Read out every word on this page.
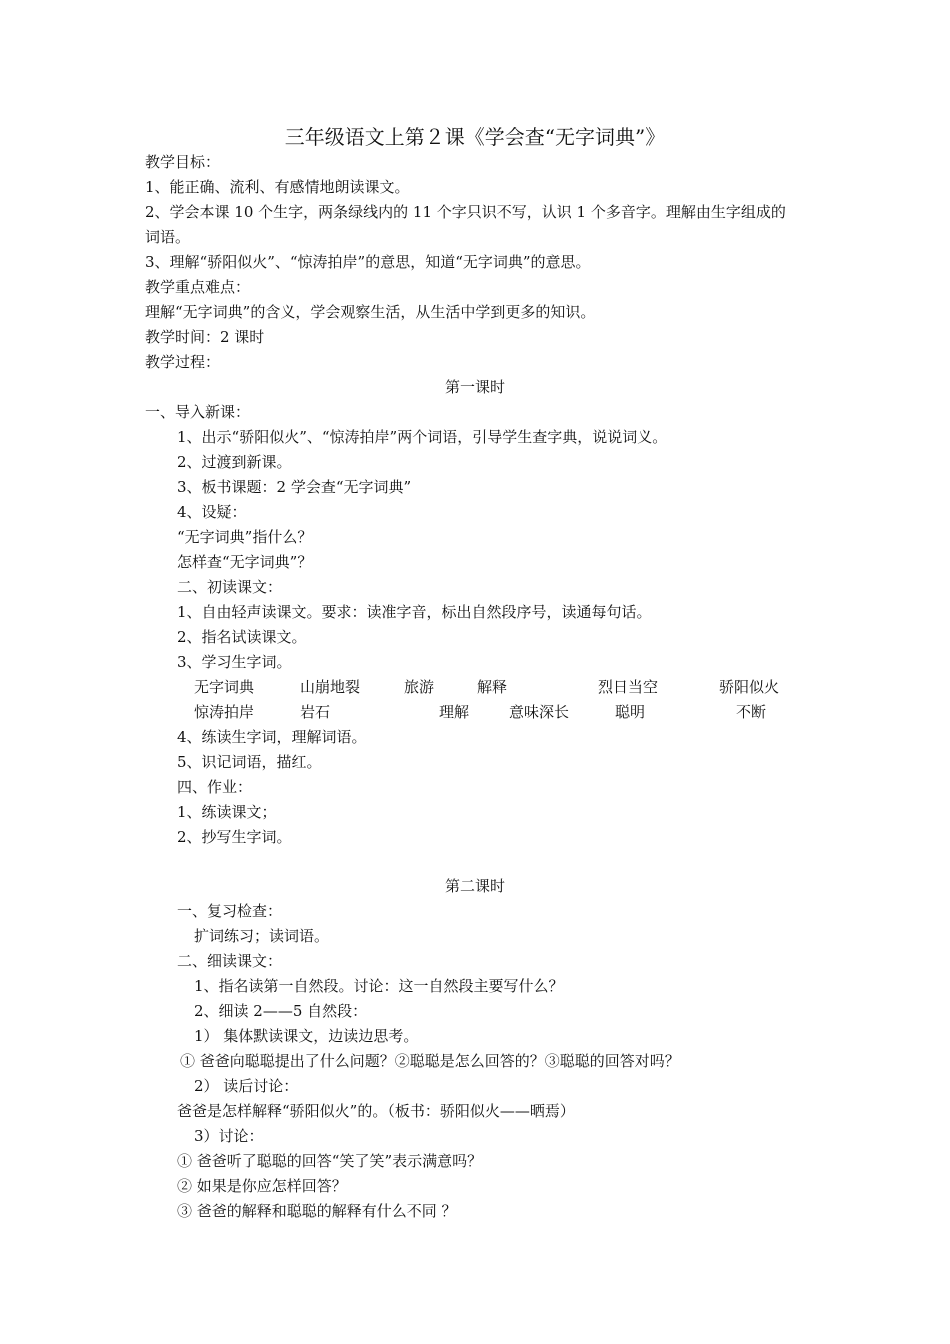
三年级语文上第２课《学会查“无字词典”》
教学目标：
1、能正确、流利、有感情地朗读课文。
2、学会本课 10 个生字，两条绿线内的 11 个字只识不写，认识 1 个多音字。理解由生字组成的
词语。
3、理解“骄阳似火”、“惊涛拍岸”的意思，知道“无字词典”的意思。
教学重点难点：
理解“无字词典”的含义，学会观察生活，从生活中学到更多的知识。
教学时间：2 课时
教学过程：
第一课时
一、导入新课：
1、出示“骄阳似火”、“惊涛拍岸”两个词语，引导学生查字典，说说词义。
2、过渡到新课。
3、板书课题：2 学会查“无字词典”
4、设疑：
“无字词典”指什么？
怎样查“无字词典”？
二、初读课文：
1、自由轻声读课文。要求：读准字音，标出自然段序号，读通每句话。
2、指名试读课文。
3、学习生字词。
无字词典	山崩地裂	旅游	解释	烈日当空	骄阳似火
惊涛拍岸	岩石	理解	意味深长	聪明	不断
4、练读生字词，理解词语。
5、识记词语，描红。
四、作业：
1、练读课文；
2、抄写生字词。
第二课时
一、复习检查：
扩词练习；读词语。
二、细读课文：
1、指名读第一自然段。讨论：这一自然段主要写什么？
2、细读 2——5 自然段：
1） 集体默读课文，边读边思考。
① 爸爸向聪聪提出了什么问题？②聪聪是怎么回答的？③聪聪的回答对吗？
2） 读后讨论：
爸爸是怎样解释“骄阳似火”的。（板书：骄阳似火——晒焉）
3）讨论：
① 爸爸听了聪聪的回答“笑了笑”表示满意吗？
② 如果是你应怎样回答？
③ 爸爸的解释和聪聪的解释有什么不同 ？
